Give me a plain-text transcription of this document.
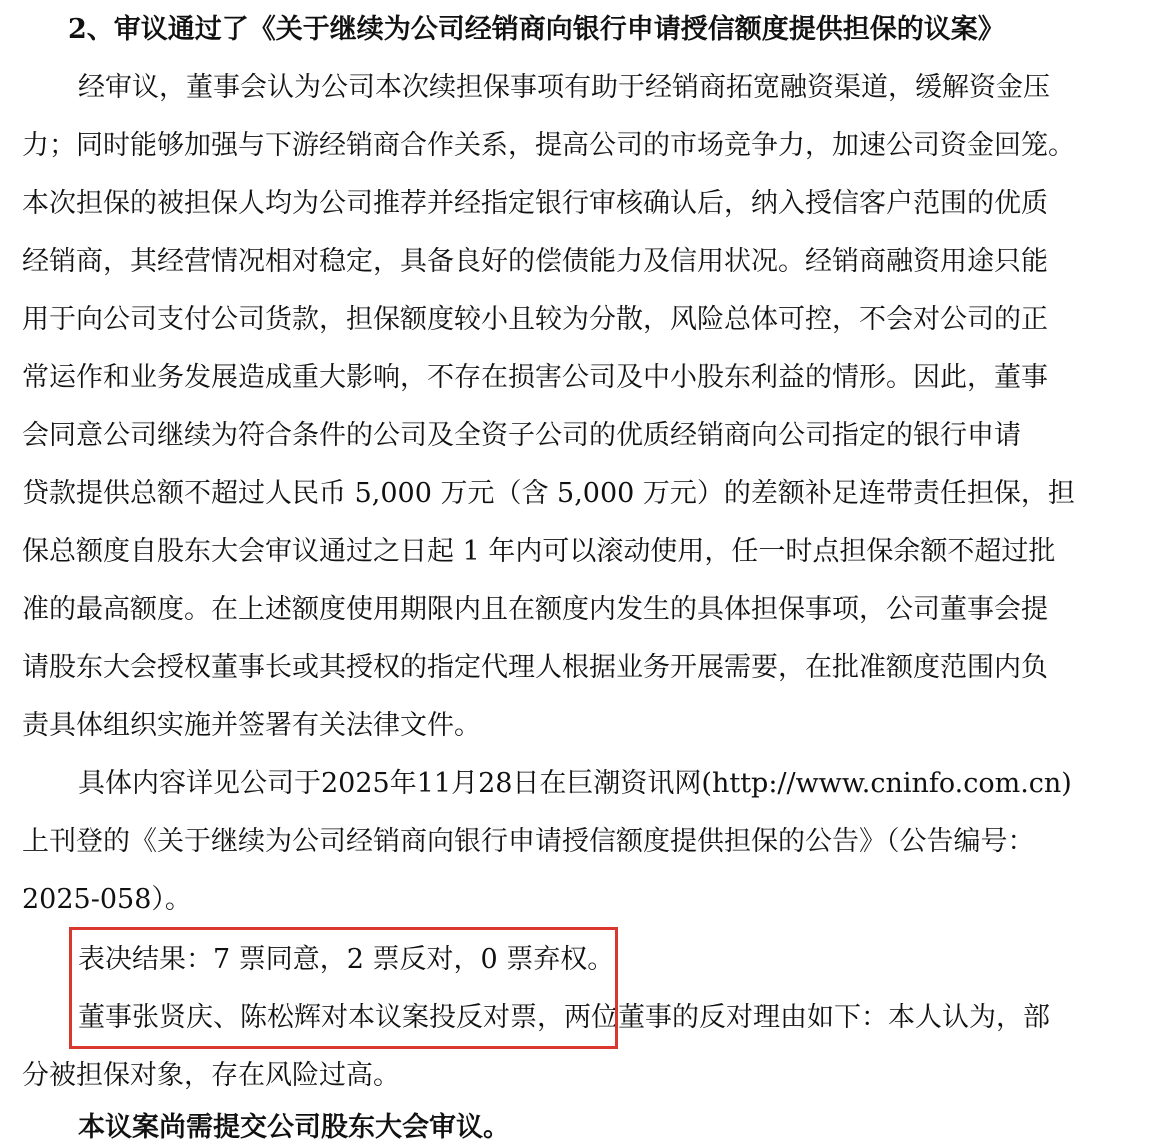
2、审议通过了《关于继续为公司经销商向银行申请授信额度提供担保的议案》
经审议，董事会认为公司本次续担保事项有助于经销商拓宽融资渠道，缓解资金压
力；同时能够加强与下游经销商合作关系，提高公司的市场竞争力，加速公司资金回笼。
本次担保的被担保人均为公司推荐并经指定银行审核确认后，纳入授信客户范围的优质
经销商，其经营情况相对稳定，具备良好的偿债能力及信用状况。经销商融资用途只能
用于向公司支付公司货款，担保额度较小且较为分散，风险总体可控，不会对公司的正
常运作和业务发展造成重大影响，不存在损害公司及中小股东利益的情形。因此，董事
会同意公司继续为符合条件的公司及全资子公司的优质经销商向公司指定的银行申请
贷款提供总额不超过人民币 5,000 万元（含 5,000 万元）的差额补足连带责任担保，担
保总额度自股东大会审议通过之日起 1 年内可以滚动使用，任一时点担保余额不超过批
准的最高额度。在上述额度使用期限内且在额度内发生的具体担保事项，公司董事会提
请股东大会授权董事长或其授权的指定代理人根据业务开展需要，在批准额度范围内负
责具体组织实施并签署有关法律文件。
具体内容详见公司于2025年11月28日在巨潮资讯网(http://www.cninfo.com.cn)
上刊登的《关于继续为公司经销商向银行申请授信额度提供担保的公告》（公告编号：
2025-058）。
表决结果：7 票同意，2 票反对，0 票弃权。
董事张贤庆、陈松辉对本议案投反对票，两位董事的反对理由如下：本人认为，部
分被担保对象，存在风险过高。
本议案尚需提交公司股东大会审议。
